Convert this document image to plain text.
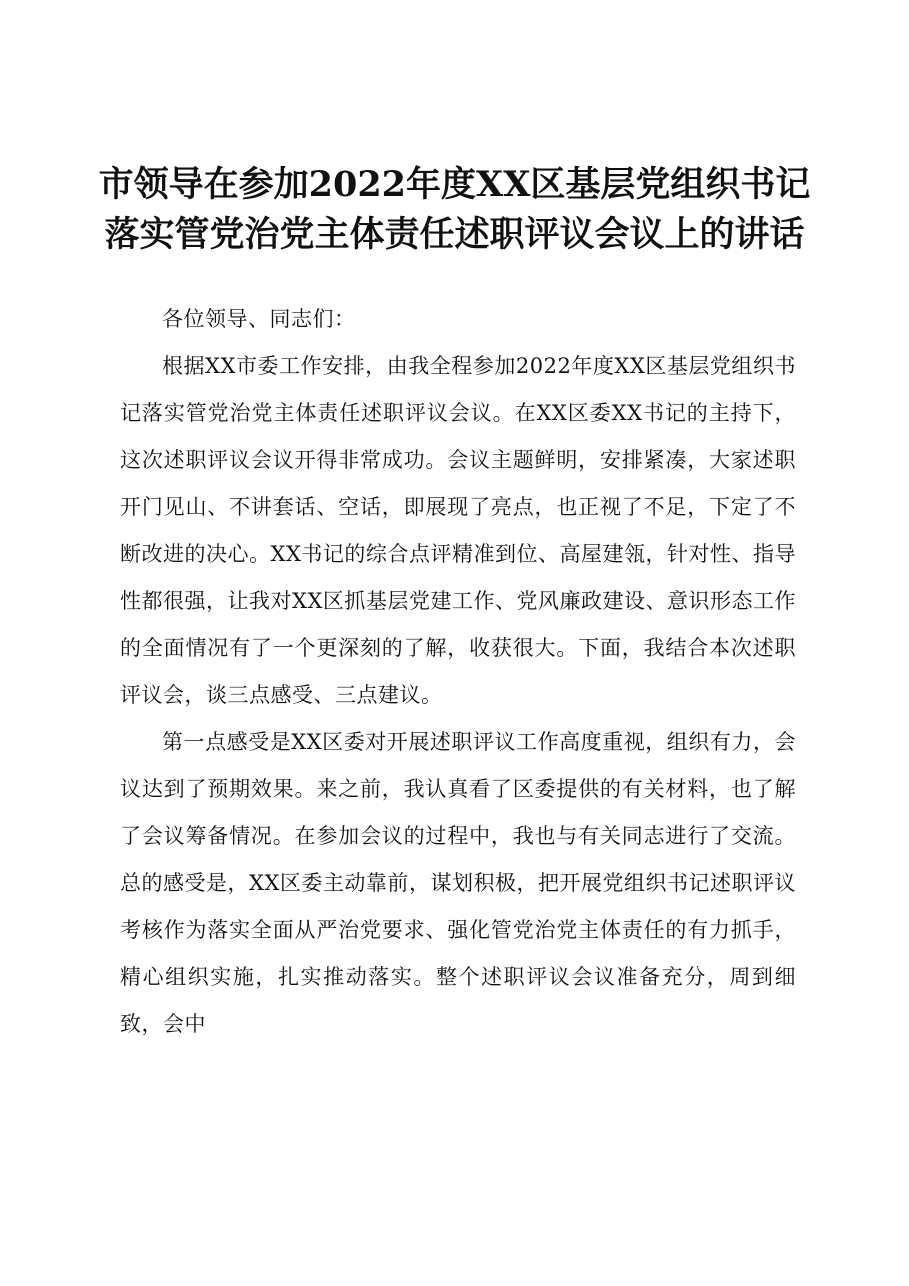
市领导在参加2022年度XX区基层党组织书记
落实管党治党主体责任述职评议会议上的讲话

各位领导、同志们：

根据XX市委工作安排，由我全程参加2022年度XX区基层党组织书记落实管党治党主体责任述职评议会议。在XX区委XX书记的主持下，这次述职评议会议开得非常成功。会议主题鲜明，安排紧凑，大家述职开门见山、不讲套话、空话，即展现了亮点，也正视了不足，下定了不断改进的决心。XX书记的综合点评精准到位、高屋建瓴，针对性、指导性都很强，让我对XX区抓基层党建工作、党风廉政建设、意识形态工作的全面情况有了一个更深刻的了解，收获很大。下面，我结合本次述职评议会，谈三点感受、三点建议。

第一点感受是XX区委对开展述职评议工作高度重视，组织有力，会议达到了预期效果。来之前，我认真看了区委提供的有关材料，也了解了会议筹备情况。在参加会议的过程中，我也与有关同志进行了交流。总的感受是，XX区委主动靠前，谋划积极，把开展党组织书记述职评议考核作为落实全面从严治党要求、强化管党治党主体责任的有力抓手，精心组织实施，扎实推动落实。整个述职评议会议准备充分，周到细致，会中
